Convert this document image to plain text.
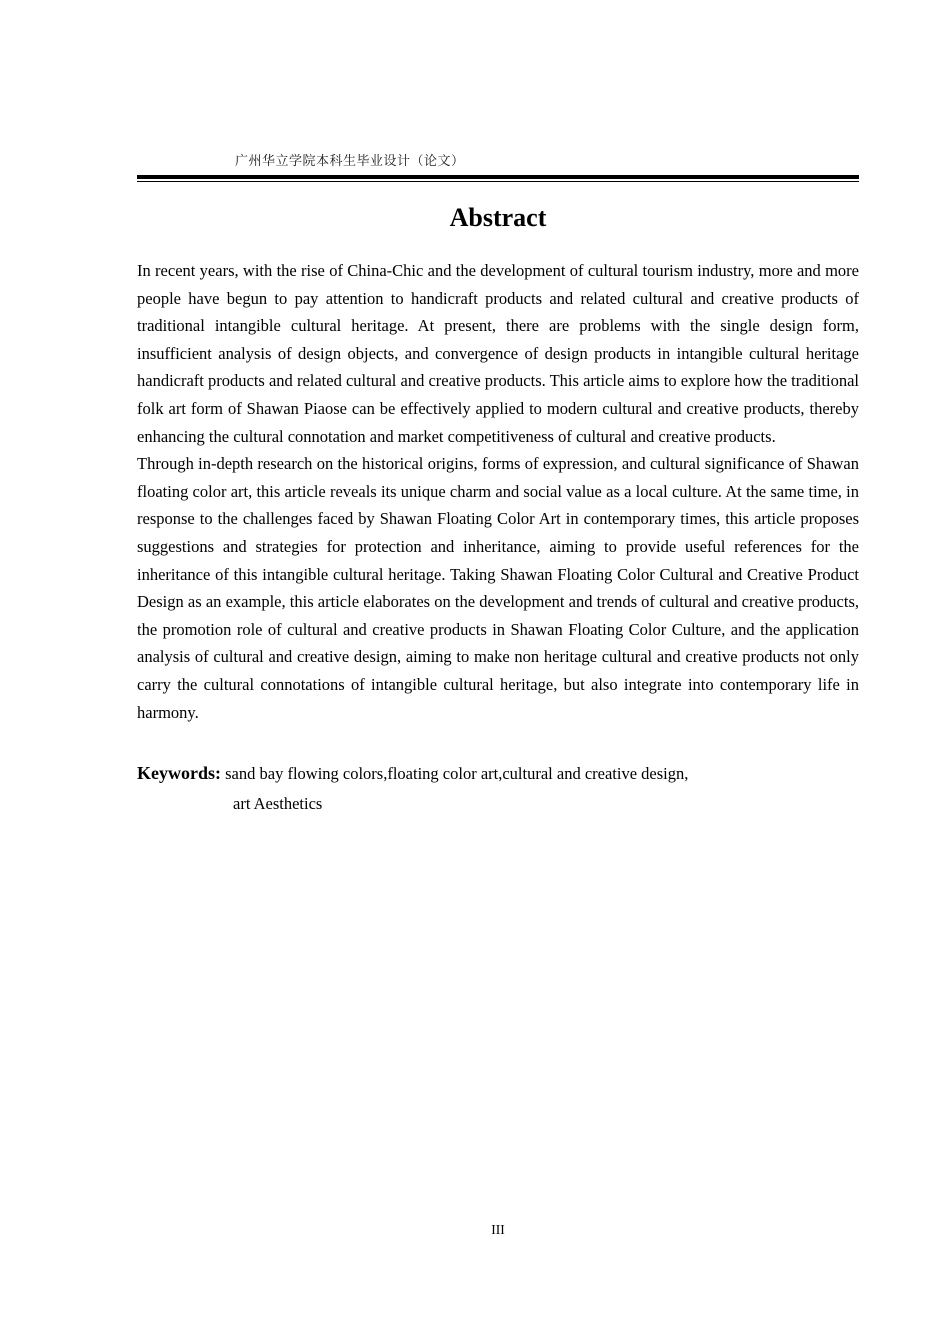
广州华立学院本科生毕业设计（论文）
Abstract

In recent years, with the rise of China-Chic and the development of cultural tourism industry, more and more people have begun to pay attention to handicraft products and related cultural and creative products of traditional intangible cultural heritage. At present, there are problems with the single design form, insufficient analysis of design objects, and convergence of design products in intangible cultural heritage handicraft products and related cultural and creative products. This article aims to explore how the traditional folk art form of Shawan Piaose can be effectively applied to modern cultural and creative products, thereby enhancing the cultural connotation and market competitiveness of cultural and creative products.

Through in-depth research on the historical origins, forms of expression, and cultural significance of Shawan floating color art, this article reveals its unique charm and social value as a local culture. At the same time, in response to the challenges faced by Shawan Floating Color Art in contemporary times, this article proposes suggestions and strategies for protection and inheritance, aiming to provide useful references for the inheritance of this intangible cultural heritage. Taking Shawan Floating Color Cultural and Creative Product Design as an example, this article elaborates on the development and trends of cultural and creative products, the promotion role of cultural and creative products in Shawan Floating Color Culture, and the application analysis of cultural and creative design, aiming to make non heritage cultural and creative products not only carry the cultural connotations of intangible cultural heritage, but also integrate into contemporary life in harmony.

Keywords: sand bay flowing colors,floating color art,cultural and creative design,
art Aesthetics
III
